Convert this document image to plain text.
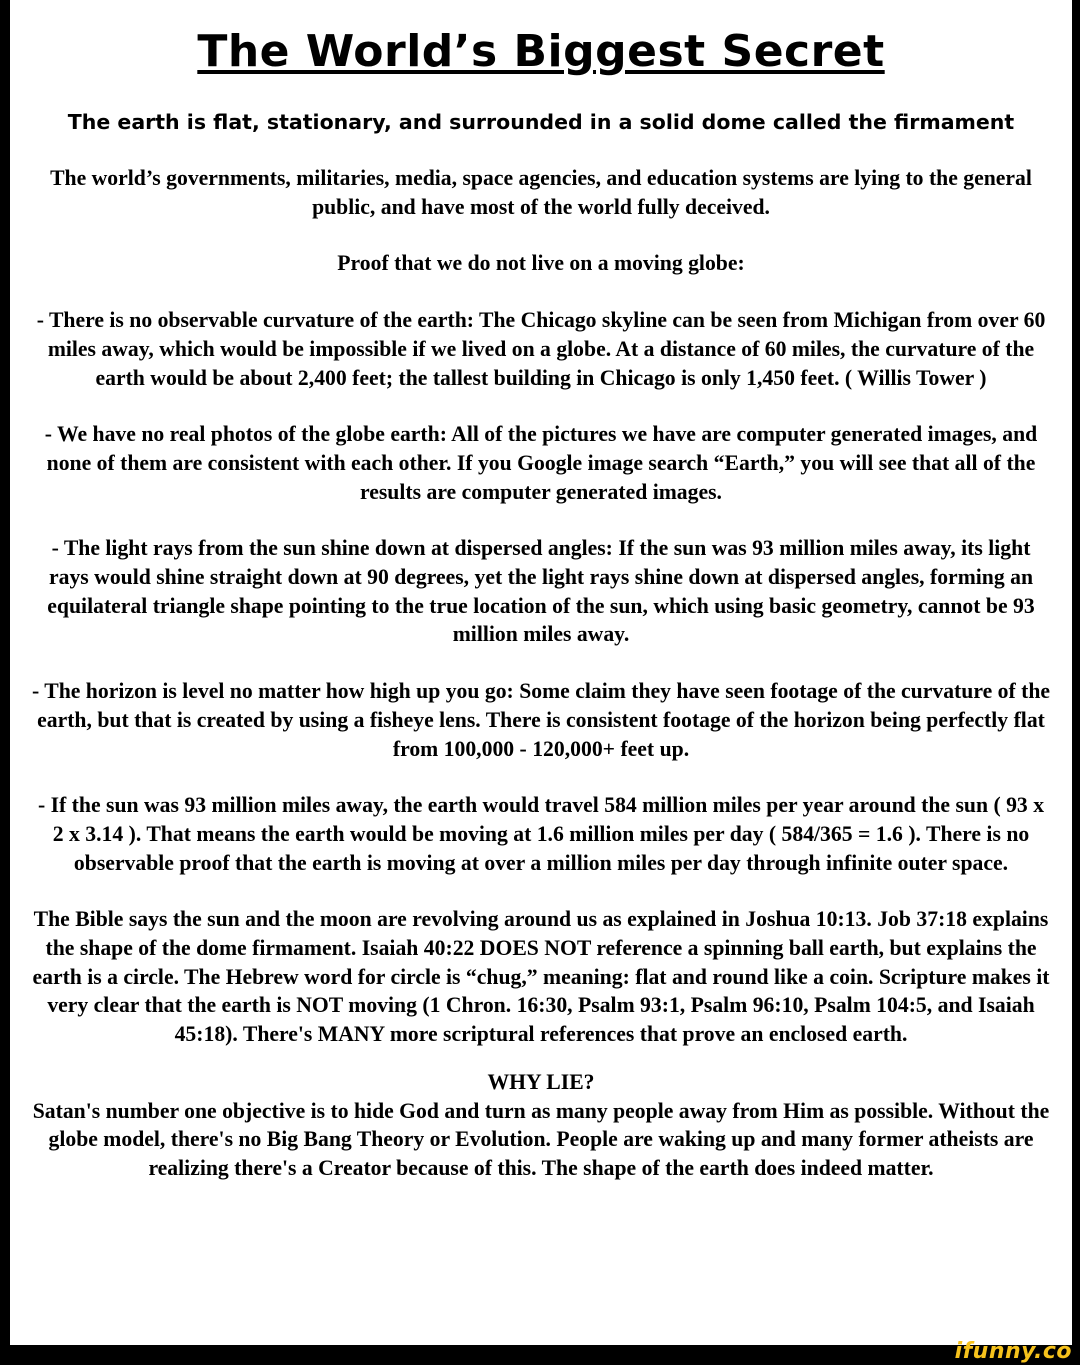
The World’s Biggest Secret

The earth is flat, stationary, and surrounded in a solid dome called the firmament

The world’s governments, militaries, media, space agencies, and education systems are lying to the general public, and have most of the world fully deceived.

Proof that we do not live on a moving globe:

- There is no observable curvature of the earth: The Chicago skyline can be seen from Michigan from over 60 miles away, which would be impossible if we lived on a globe. At a distance of 60 miles, the curvature of the earth would be about 2,400 feet; the tallest building in Chicago is only 1,450 feet. ( Willis Tower )

- We have no real photos of the globe earth: All of the pictures we have are computer generated images, and none of them are consistent with each other. If you Google image search “Earth,” you will see that all of the results are computer generated images.

- The light rays from the sun shine down at dispersed angles: If the sun was 93 million miles away, its light rays would shine straight down at 90 degrees, yet the light rays shine down at dispersed angles, forming an equilateral triangle shape pointing to the true location of the sun, which using basic geometry, cannot be 93 million miles away.

- The horizon is level no matter how high up you go: Some claim they have seen footage of the curvature of the earth, but that is created by using a fisheye lens. There is consistent footage of the horizon being perfectly flat from 100,000 - 120,000+ feet up.

- If the sun was 93 million miles away, the earth would travel 584 million miles per year around the sun ( 93 x 2 x 3.14 ). That means the earth would be moving at 1.6 million miles per day ( 584/365 = 1.6 ). There is no observable proof that the earth is moving at over a million miles per day through infinite outer space.

The Bible says the sun and the moon are revolving around us as explained in Joshua 10:13. Job 37:18 explains the shape of the dome firmament. Isaiah 40:22 DOES NOT reference a spinning ball earth, but explains the earth is a circle. The Hebrew word for circle is “chug,” meaning: flat and round like a coin. Scripture makes it very clear that the earth is NOT moving (1 Chron. 16:30, Psalm 93:1, Psalm 96:10, Psalm 104:5, and Isaiah 45:18). There's MANY more scriptural references that prove an enclosed earth.

WHY LIE?

Satan's number one objective is to hide God and turn as many people away from Him as possible. Without the globe model, there's no Big Bang Theory or Evolution. People are waking up and many former atheists are realizing there's a Creator because of this. The shape of the earth does indeed matter.

ifunny.co
